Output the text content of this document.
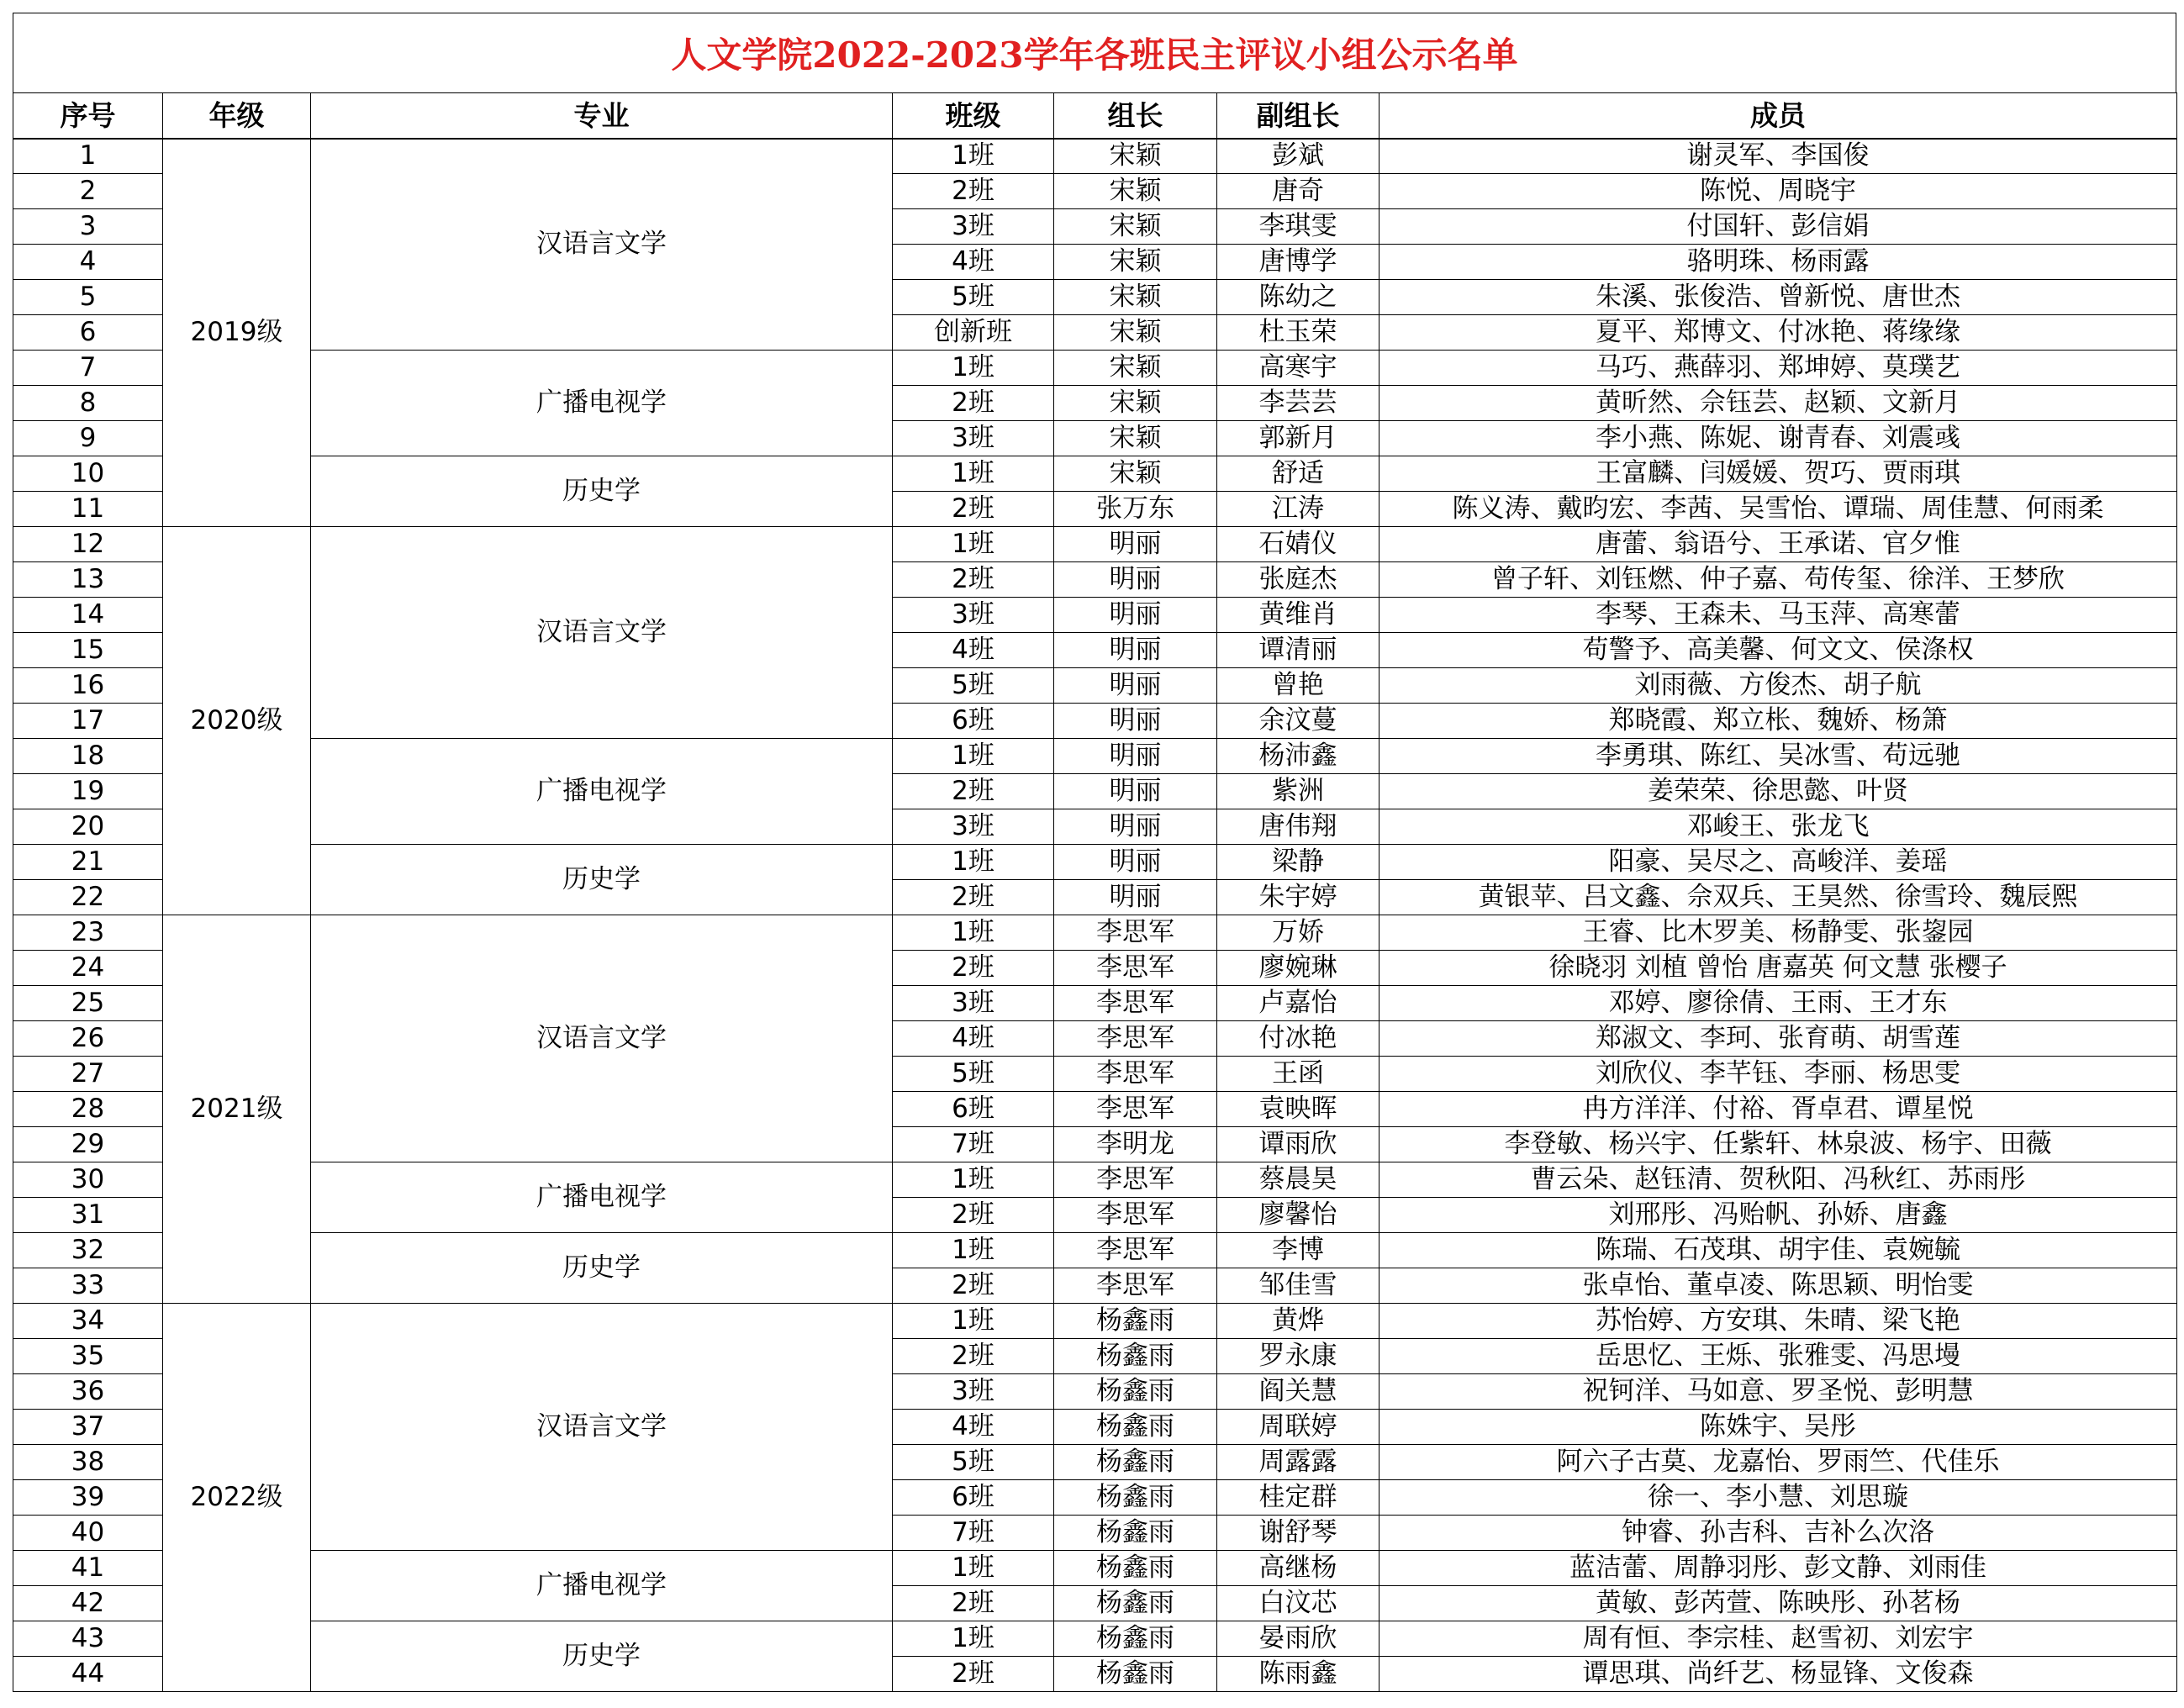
人文学院2022-2023学年各班民主评议小组公示名单
序号	年级	专业	班级	组长	副组长	成员
1	2019级	汉语言文学	1班	宋颖	彭斌	谢灵军、李国俊
2			2班	宋颖	唐奇	陈悦、周晓宇
3			3班	宋颖	李琪雯	付国轩、彭信娟
4			4班	宋颖	唐博学	骆明珠、杨雨露
5			5班	宋颖	陈幼之	朱溪、张俊浩、曾新悦、唐世杰
6			创新班	宋颖	杜玉荣	夏平、郑博文、付冰艳、蒋缘缘
7		广播电视学	1班	宋颖	高寒宇	马巧、燕薛羽、郑坤婷、莫璞艺
8			2班	宋颖	李芸芸	黄昕然、佘钰芸、赵颖、文新月
9			3班	宋颖	郭新月	李小燕、陈妮、谢青春、刘震彧
10		历史学	1班	宋颖	舒适	王富麟、闫媛媛、贺巧、贾雨琪
11			2班	张万东	江涛	陈义涛、戴昀宏、李茜、吴雪怡、谭瑞、周佳慧、何雨柔
12	2020级	汉语言文学	1班	明丽	石婧仪	唐蕾、翁语兮、王承诺、官夕惟
13			2班	明丽	张庭杰	曾子轩、刘钰燃、仲子嘉、苟传玺、徐洋、王梦欣
14			3班	明丽	黄维肖	李琴、王森未、马玉萍、高寒蕾
15			4班	明丽	谭清丽	苟警予、高美馨、何文文、侯涤权
16			5班	明丽	曾艳	刘雨薇、方俊杰、胡子航
17			6班	明丽	余汶蔓	郑晓霞、郑立枨、魏娇、杨箫
18		广播电视学	1班	明丽	杨沛鑫	李勇琪、陈红、吴冰雪、苟远驰
19			2班	明丽	紫洲	姜荣荣、徐思懿、叶贤
20			3班	明丽	唐伟翔	邓峻王、张龙飞
21		历史学	1班	明丽	梁静	阳豪、吴尽之、高峻洋、姜瑶
22			2班	明丽	朱宇婷	黄银苹、吕文鑫、佘双兵、王昊然、徐雪玲、魏辰熙
23	2021级	汉语言文学	1班	李思军	万娇	王睿、比木罗美、杨静雯、张鋆园
24			2班	李思军	廖婉琳	徐晓羽 刘植 曾怡 唐嘉英 何文慧 张樱子
25			3班	李思军	卢嘉怡	邓婷、廖徐倩、王雨、王才东
26			4班	李思军	付冰艳	郑淑文、李珂、张育萌、胡雪莲
27			5班	李思军	王函	刘欣仪、李芊钰、李丽、杨思雯
28			6班	李思军	袁映晖	冉方洋洋、付裕、胥卓君、谭星悦
29			7班	李明龙	谭雨欣	李登敏、杨兴宇、任紫轩、林泉波、杨宇、田薇
30		广播电视学	1班	李思军	蔡晨昊	曹云朵、赵钰清、贺秋阳、冯秋红、苏雨彤
31			2班	李思军	廖馨怡	刘邢彤、冯贻帆、孙娇、唐鑫
32		历史学	1班	李思军	李博	陈瑞、石茂琪、胡宇佳、袁婉毓
33			2班	李思军	邹佳雪	张卓怡、董卓凌、陈思颖、明怡雯
34	2022级	汉语言文学	1班	杨鑫雨	黄烨	苏怡婷、方安琪、朱晴、梁飞艳
35			2班	杨鑫雨	罗永康	岳思忆、王烁、张雅雯、冯思墁
36			3班	杨鑫雨	阎关慧	祝钶洋、马如意、罗圣悦、彭明慧
37			4班	杨鑫雨	周联婷	陈姝宇、吴彤
38			5班	杨鑫雨	周露露	阿六子古莫、龙嘉怡、罗雨竺、代佳乐
39			6班	杨鑫雨	桂定群	徐一、李小慧、刘思璇
40			7班	杨鑫雨	谢舒琴	钟睿、孙吉科、吉补么次洛
41		广播电视学	1班	杨鑫雨	高继杨	蓝洁蕾、周静羽彤、彭文静、刘雨佳
42			2班	杨鑫雨	白汶芯	黄敏、彭芮萱、陈映彤、孙茗杨
43		历史学	1班	杨鑫雨	晏雨欣	周有恒、李宗桂、赵雪初、刘宏宇
44			2班	杨鑫雨	陈雨鑫	谭思琪、尚纤艺、杨显锋、文俊森
